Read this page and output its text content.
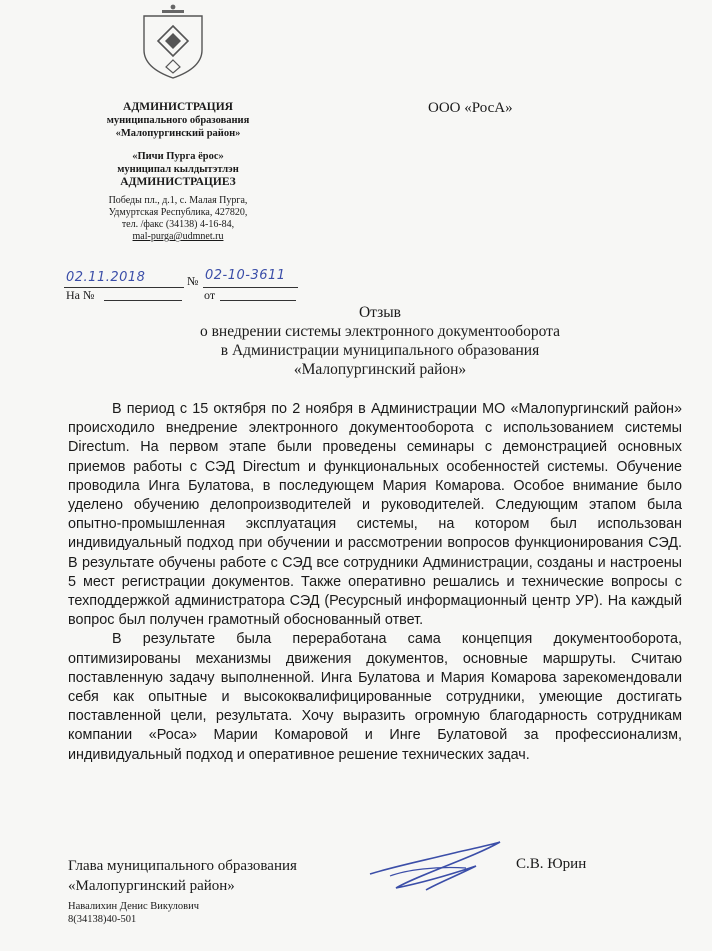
АДМИНИСТРАЦИЯ
муниципального образования
«Малопургинский район»
«Пичи Пурга ёрос»
муниципал кылдытэтлэн
АДМИНИСТРАЦИЕЗ
Победы пл., д.1, с. Малая Пурга,
Удмуртская Республика, 427820,
тел. /факс (34138) 4-16-84,
mal-purga@udmnet.ru
ООО «РосА»
02.11.2018	№ 02-10-3611
На №	от
Отзыв
о внедрении системы электронного документооборота
в Администрации муниципального образования
«Малопургинский район»

В период с 15 октября по 2 ноября в Администрации МО «Малопургинский район» происходило внедрение электронного документооборота с использованием системы Directum. На первом этапе были проведены семинары с демонстрацией основных приемов работы с СЭД Directum и функциональных особенностей системы. Обучение проводила Инга Булатова, в последующем Мария Комарова. Особое внимание было уделено обучению делопроизводителей и руководителей. Следующим этапом была опытно-промышленная эксплуатация системы, на котором был использован индивидуальный подход при обучении и рассмотрении вопросов функционирования СЭД. В результате обучены работе с СЭД все сотрудники Администрации, созданы и настроены 5 мест регистрации документов. Также оперативно решались и технические вопросы с техподдержкой администратора СЭД (Ресурсный информационный центр УР). На каждый вопрос был получен грамотный обоснованный ответ.

В результате была переработана сама концепция документооборота, оптимизированы механизмы движения документов, основные маршруты. Считаю поставленную задачу выполненной. Инга Булатова и Мария Комарова зарекомендовали себя как опытные и высококвалифицированные сотрудники, умеющие достигать поставленной цели, результата. Хочу выразить огромную благодарность сотрудникам компании «Роса» Марии Комаровой и Инге Булатовой за профессионализм, индивидуальный подход и оперативное решение технических задач.

Глава муниципального образования
«Малопургинский район»
С.В. Юрин
Навалихин Денис Викулович
8(34138)40-501
